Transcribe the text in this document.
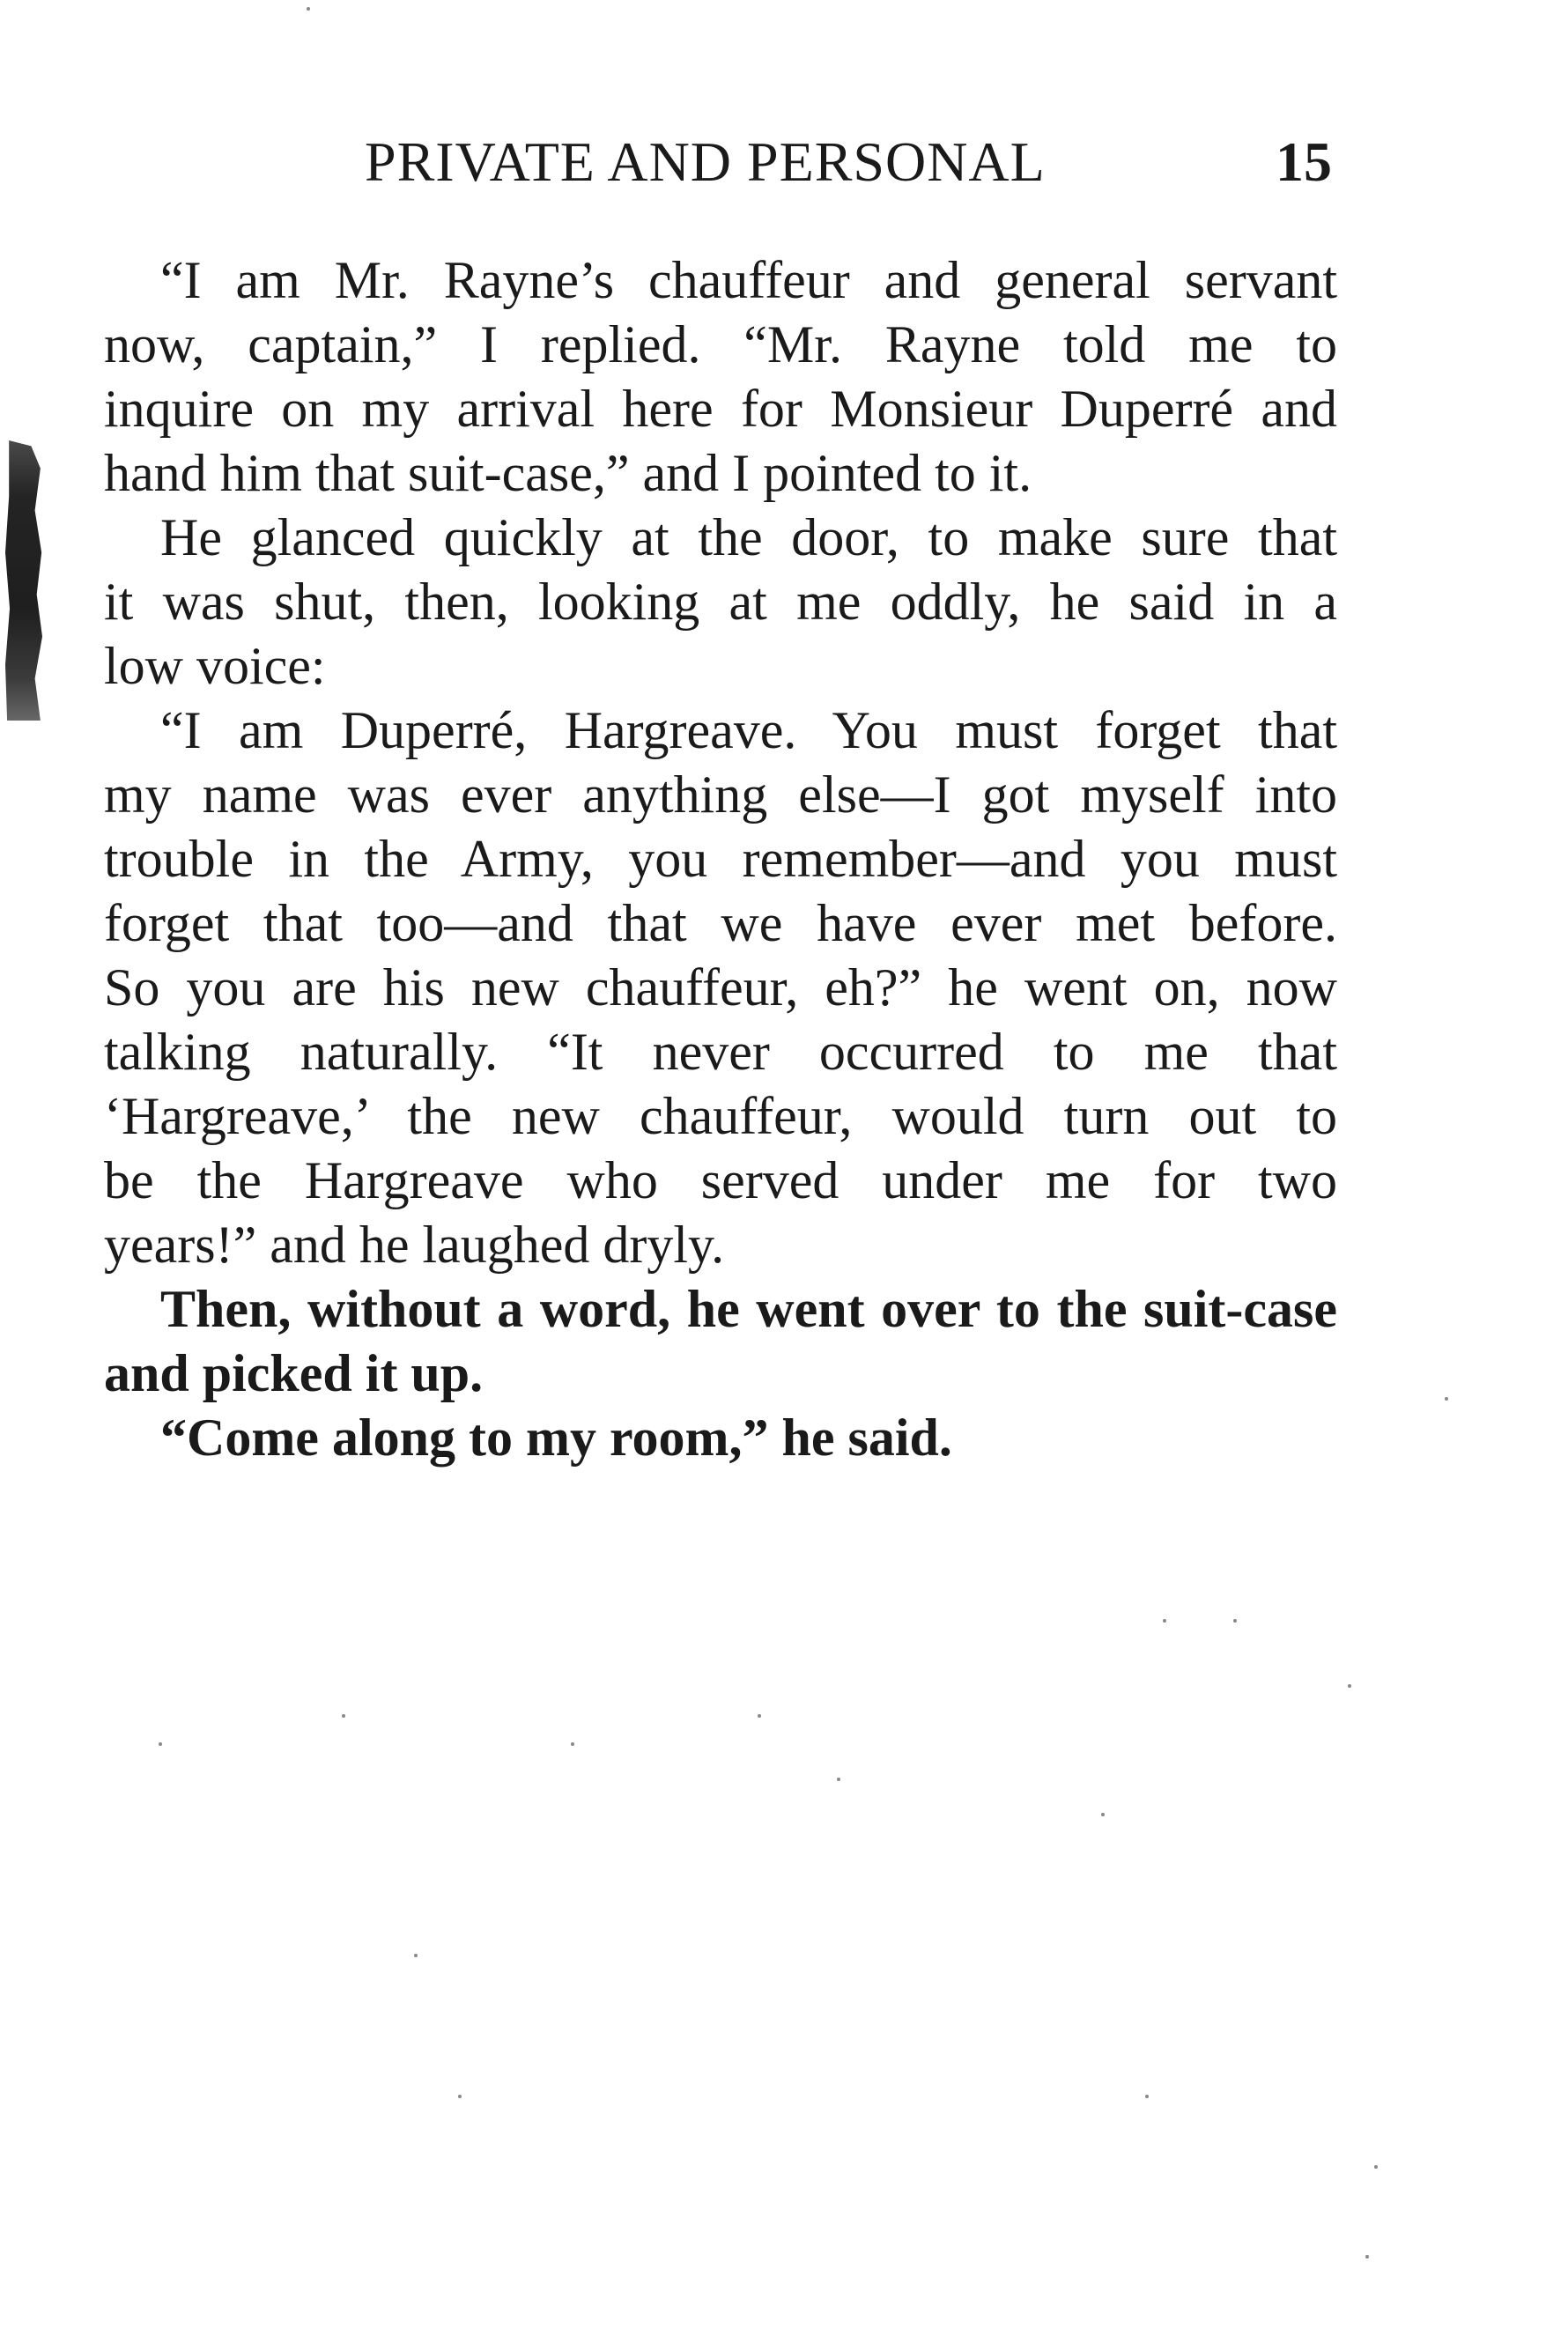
PRIVATE AND PERSONAL	15
“I am Mr. Rayne’s chauffeur and general servant
now, captain,” I replied. “Mr. Rayne told me to
inquire on my arrival here for Monsieur Duperré and
hand him that suit-case,” and I pointed to it.
He glanced quickly at the door, to make sure that
it was shut, then, looking at me oddly, he said in a
low voice:
“I am Duperré, Hargreave. You must forget that
my name was ever anything else—I got myself into
trouble in the Army, you remember—and you must
forget that too—and that we have ever met before.
So you are his new chauffeur, eh?” he went on, now
talking naturally. “It never occurred to me that
‘Hargreave,’ the new chauffeur, would turn out to
be the Hargreave who served under me for two
years!” and he laughed dryly.
Then, without a word, he went over to the suit-case
and picked it up.
“Come along to my room,” he said.
